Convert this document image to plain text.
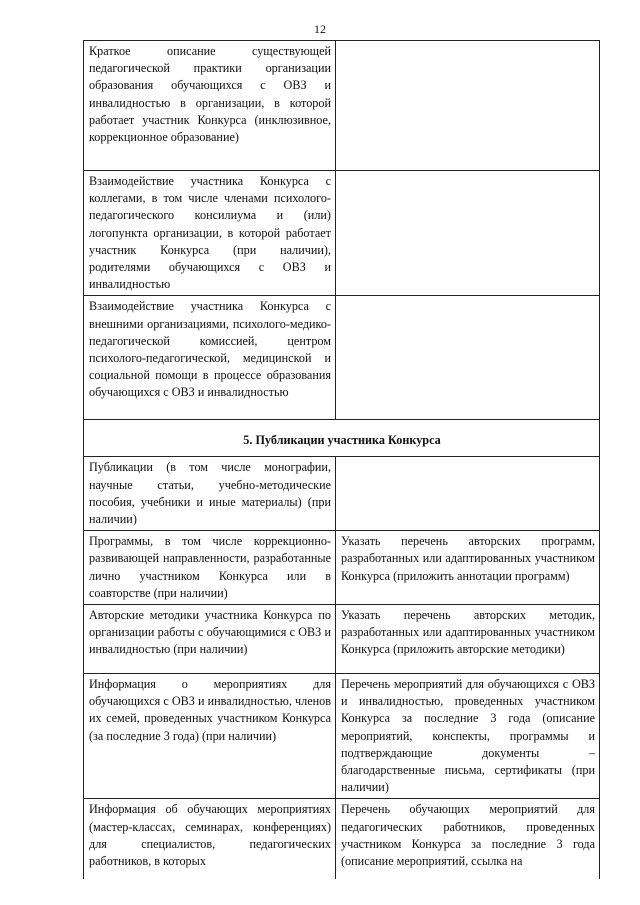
12
Краткое описание существующей педагогической практики организации образования обучающихся с ОВЗ и инвалидностью в организации, в которой работает участник Конкурса (инклюзивное, коррекционное образование)	
Взаимодействие участника Конкурса с коллегами, в том числе членами психолого-педагогического консилиума и (или) логопункта организации, в которой работает участник Конкурса (при наличии), родителями обучающихся с ОВЗ и инвалидностью	
Взаимодействие участника Конкурса с внешними организациями, психолого-медико-педагогической комиссией, центром психолого-педагогической, медицинской и социальной помощи в процессе образования обучающихся с ОВЗ и инвалидностью	
5. Публикации участника Конкурса	
Публикации (в том числе монографии, научные статьи, учебно-методические пособия, учебники и иные материалы) (при наличии)	
Программы, в том числе коррекционно-развивающей направленности, разработанные лично участником Конкурса или в соавторстве (при наличии)	Указать перечень авторских программ, разработанных или адаптированных участником Конкурса (приложить аннотации программ)
Авторские методики участника Конкурса по организации работы с обучающимися с ОВЗ и инвалидностью (при наличии)	Указать перечень авторских методик, разработанных или адаптированных участником Конкурса (приложить авторские методики)
Информация о мероприятиях для обучающихся с ОВЗ и инвалидностью, членов их семей, проведенных участником Конкурса (за последние 3 года) (при наличии)	Перечень мероприятий для обучающихся с ОВЗ и инвалидностью, проведенных участником Конкурса за последние 3 года (описание мероприятий, конспекты, программы и подтверждающие документы – благодарственные письма, сертификаты (при наличии)
Информация об обучающих мероприятиях (мастер-классах, семинарах, конференциях) для специалистов, педагогических работников, в которых	Перечень обучающих мероприятий для педагогических работников, проведенных участником Конкурса за последние 3 года (описание мероприятий, ссылка на
